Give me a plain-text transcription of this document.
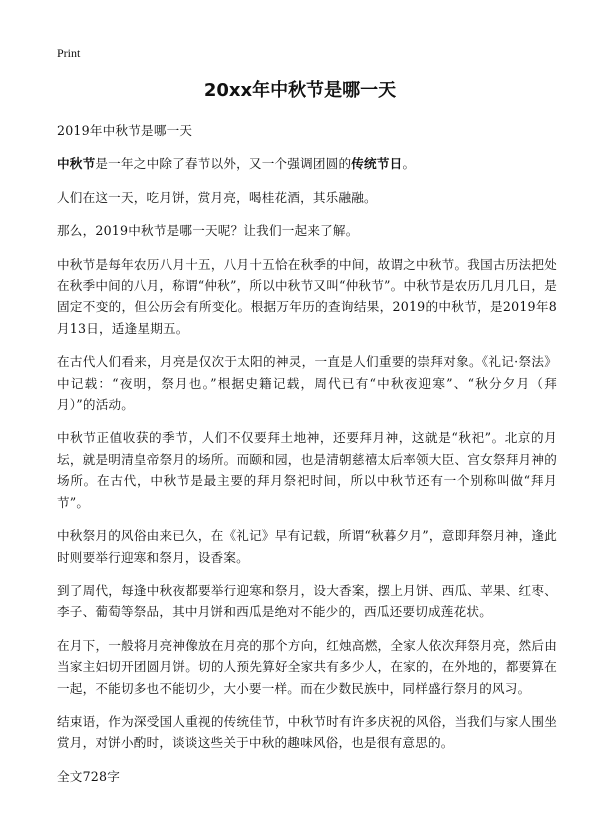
Print
20xx年中秋节是哪一天

2019年中秋节是哪一天

中秋节是一年之中除了春节以外，又一个强调团圆的传统节日。

人们在这一天，吃月饼，赏月亮，喝桂花酒，其乐融融。

那么，2019中秋节是哪一天呢？让我们一起来了解。

中秋节是每年农历八月十五，八月十五恰在秋季的中间，故谓之中秋节。我国古历法把处在秋季中间的八月，称谓“仲秋”，所以中秋节又叫“仲秋节”。中秋节是农历几月几日，是固定不变的，但公历会有所变化。根据万年历的查询结果，2019的中秋节，是2019年8月13日，适逢星期五。

在古代人们看来，月亮是仅次于太阳的神灵，一直是人们重要的崇拜对象。《礼记·祭法》中记载：“夜明，祭月也。”根据史籍记载，周代已有“中秋夜迎寒”、“秋分夕月（拜月）”的活动。

中秋节正值收获的季节，人们不仅要拜土地神，还要拜月神，这就是“秋祀”。北京的月坛，就是明清皇帝祭月的场所。而颐和园，也是清朝慈禧太后率领大臣、宫女祭拜月神的场所。在古代，中秋节是最主要的拜月祭祀时间，所以中秋节还有一个别称叫做“拜月节”。

中秋祭月的风俗由来已久，在《礼记》早有记载，所谓“秋暮夕月”，意即拜祭月神，逢此时则要举行迎寒和祭月，设香案。

到了周代，每逢中秋夜都要举行迎寒和祭月，设大香案，摆上月饼、西瓜、苹果、红枣、李子、葡萄等祭品，其中月饼和西瓜是绝对不能少的，西瓜还要切成莲花状。

在月下，一般将月亮神像放在月亮的那个方向，红烛高燃，全家人依次拜祭月亮，然后由当家主妇切开团圆月饼。切的人预先算好全家共有多少人，在家的，在外地的，都要算在一起，不能切多也不能切少，大小要一样。而在少数民族中，同样盛行祭月的风习。

结束语，作为深受国人重视的传统佳节，中秋节时有许多庆祝的风俗，当我们与家人围坐赏月，对饼小酌时，谈谈这些关于中秋的趣味风俗，也是很有意思的。

全文728字
